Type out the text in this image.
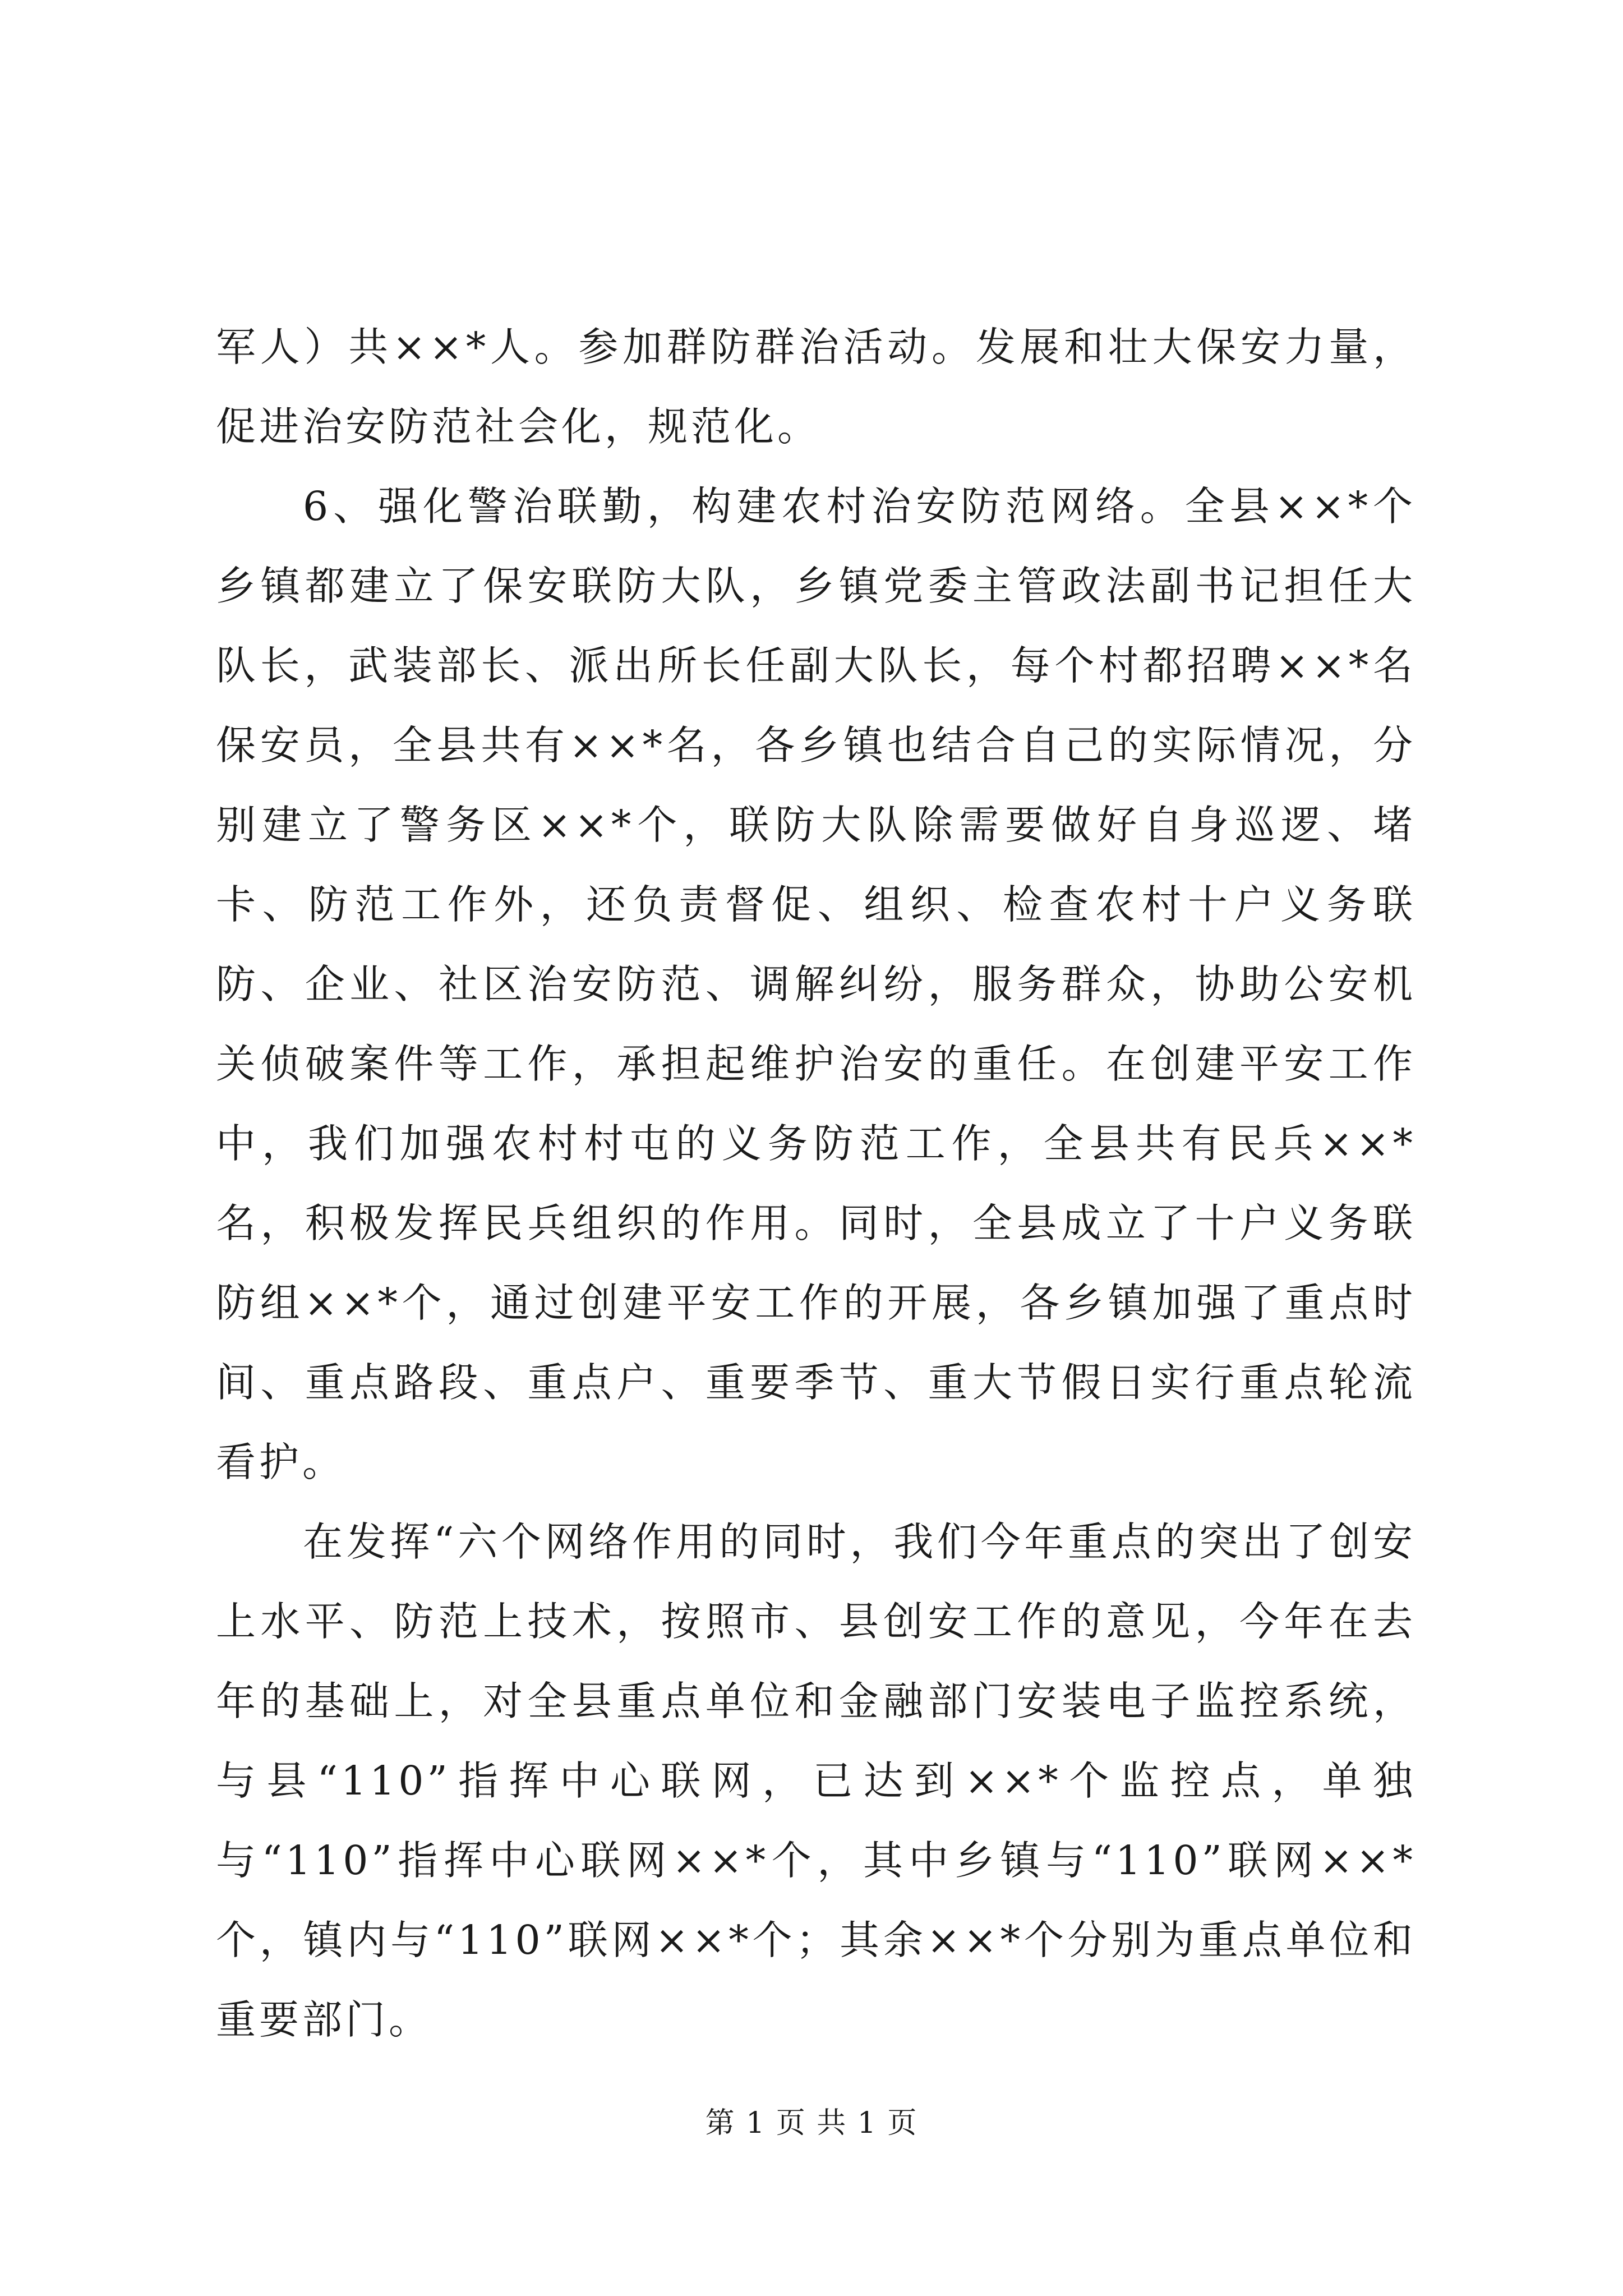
军人）共××*人。参加群防群治活动。发展和壮大保安力量，促进治安防范社会化，规范化。

6、强化警治联勤，构建农村治安防范网络。全县××*个乡镇都建立了保安联防大队，乡镇党委主管政法副书记担任大队长，武装部长、派出所长任副大队长，每个村都招聘××*名保安员，全县共有××*名，各乡镇也结合自己的实际情况，分别建立了警务区××*个，联防大队除需要做好自身巡逻、堵卡、防范工作外，还负责督促、组织、检查农村十户义务联防、企业、社区治安防范、调解纠纷，服务群众，协助公安机关侦破案件等工作，承担起维护治安的重任。在创建平安工作中，我们加强农村村屯的义务防范工作，全县共有民兵××*名，积极发挥民兵组织的作用。同时，全县成立了十户义务联防组××*个，通过创建平安工作的开展，各乡镇加强了重点时间、重点路段、重点户、重要季节、重大节假日实行重点轮流看护。

在发挥“六个网络作用的同时，我们今年重点的突出了创安上水平、防范上技术，按照市、县创安工作的意见，今年在去年的基础上，对全县重点单位和金融部门安装电子监控系统，与县“110”指挥中心联网，已达到××*个监控点，单独与“110”指挥中心联网××*个，其中乡镇与“110”联网××*个，镇内与“110”联网××*个；其余××*个分别为重点单位和重要部门。

第 1 页 共 1 页
